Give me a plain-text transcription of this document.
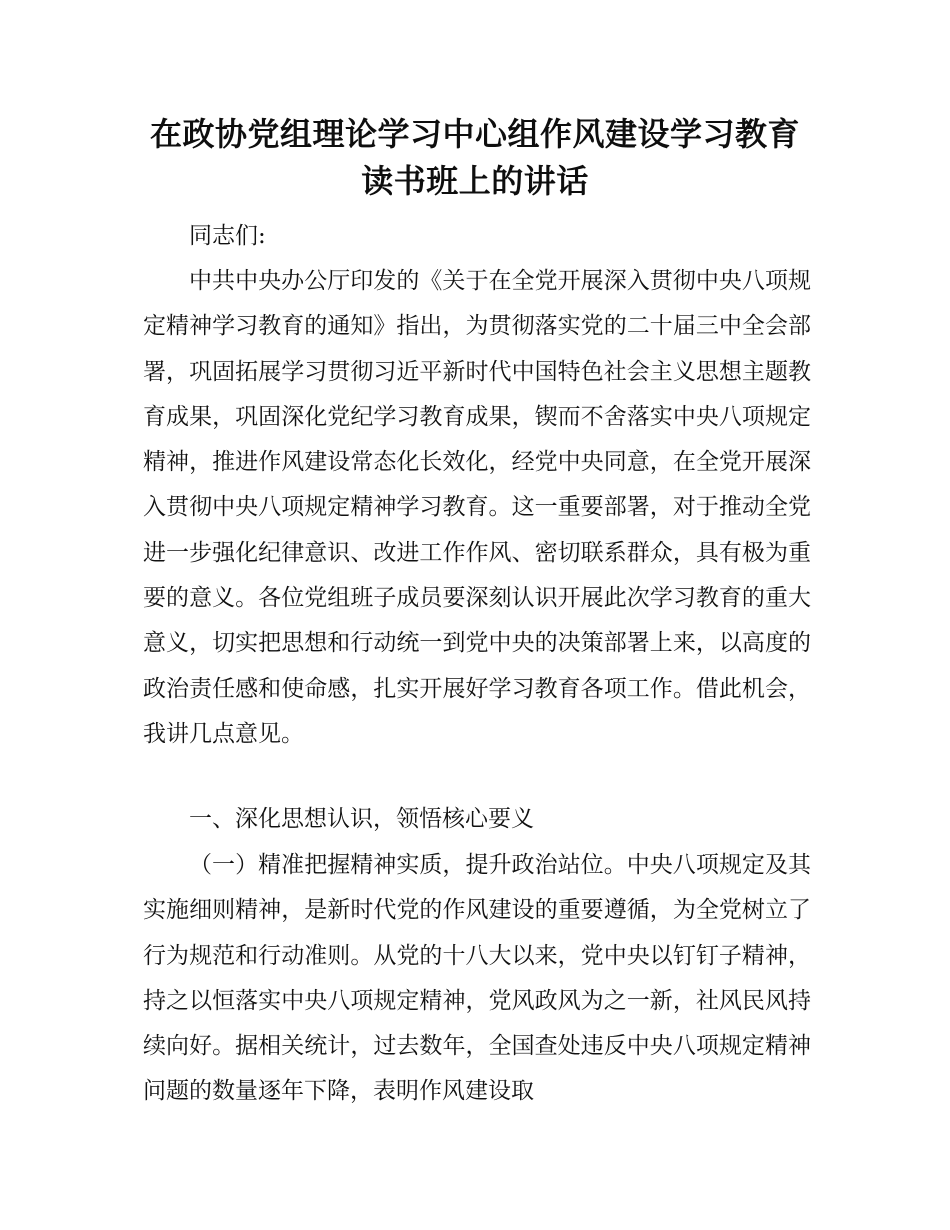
在政协党组理论学习中心组作风建设学习教育
读书班上的讲话

同志们:

中共中央办公厅印发的《关于在全党开展深入贯彻中央八项规定精神学习教育的通知》指出，为贯彻落实党的二十届三中全会部署，巩固拓展学习贯彻习近平新时代中国特色社会主义思想主题教育成果，巩固深化党纪学习教育成果，锲而不舍落实中央八项规定精神，推进作风建设常态化长效化，经党中央同意，在全党开展深入贯彻中央八项规定精神学习教育。这一重要部署，对于推动全党进一步强化纪律意识、改进工作作风、密切联系群众，具有极为重要的意义。各位党组班子成员要深刻认识开展此次学习教育的重大意义，切实把思想和行动统一到党中央的决策部署上来，以高度的政治责任感和使命感，扎实开展好学习教育各项工作。借此机会，我讲几点意见。

一、深化思想认识，领悟核心要义

（一）精准把握精神实质，提升政治站位。中央八项规定及其实施细则精神，是新时代党的作风建设的重要遵循，为全党树立了行为规范和行动准则。从党的十八大以来，党中央以钉钉子精神，持之以恒落实中央八项规定精神，党风政风为之一新，社风民风持续向好。据相关统计，过去数年，全国查处违反中央八项规定精神问题的数量逐年下降，表明作风建设取
